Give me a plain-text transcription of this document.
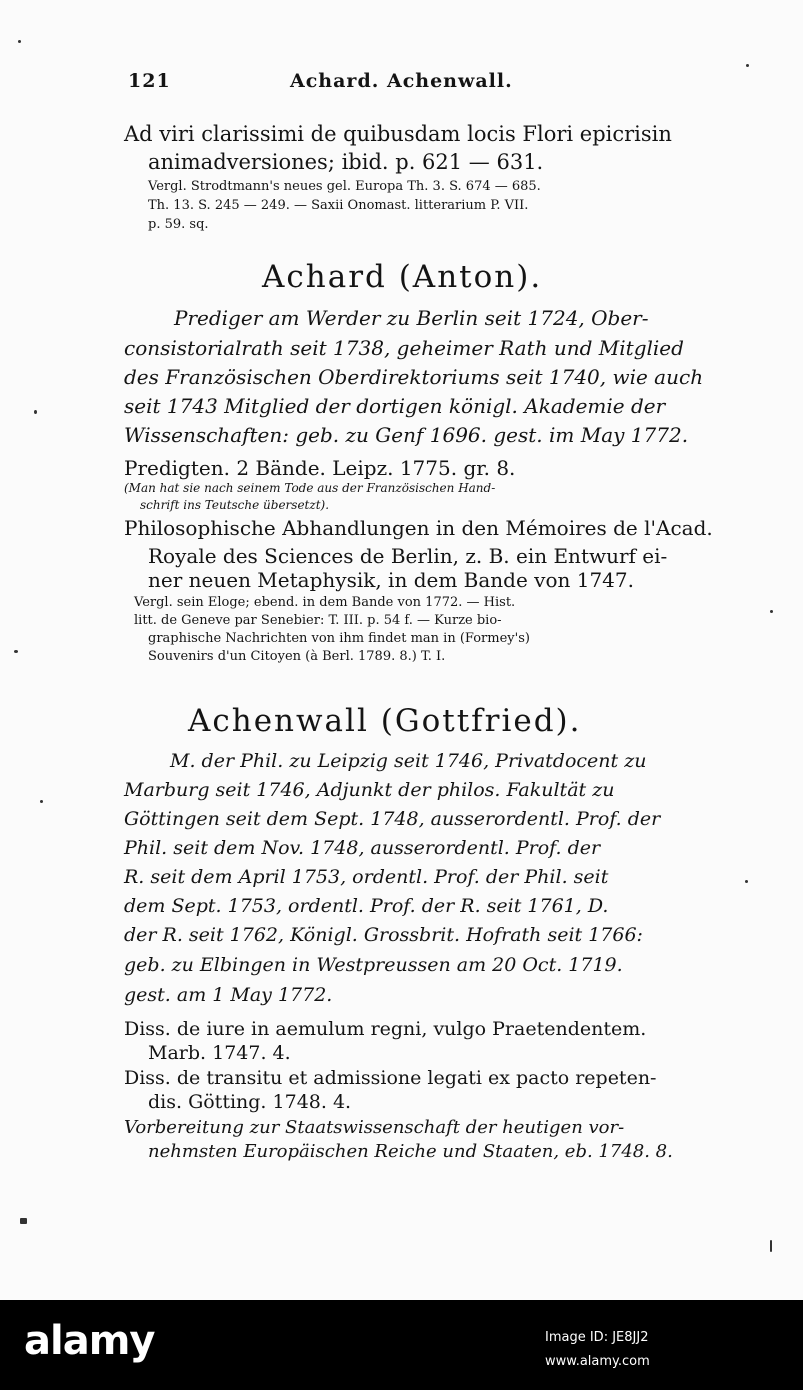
121	Achard. Achenwall.
Ad viri clarissimi de quibusdam locis Flori epicrisin
animadversiones; ibid. p. 621 — 631.
Vergl. Strodtmann's neues gel. Europa Th. 3. S. 674 — 685.
Th. 13. S. 245 — 249. — Saxii Onomast. litterarium P. VII.
p. 59. sq.
Achard (Anton).
Prediger am Werder zu Berlin seit 1724, Ober-
consistorialrath seit 1738, geheimer Rath und Mitglied
des Französischen Oberdirektoriums seit 1740, wie auch
seit 1743 Mitglied der dortigen königl. Akademie der
Wissenschaften: geb. zu Genf 1696. gest. im May 1772.
Predigten. 2 Bände. Leipz. 1775. gr. 8.
(Man hat sie nach seinem Tode aus der Französischen Hand-
schrift ins Teutsche übersetzt).
Philosophische Abhandlungen in den Mémoires de l'Acad.
Royale des Sciences de Berlin, z. B. ein Entwurf ei-
ner neuen Metaphysik, in dem Bande von 1747.
Vergl. sein Eloge; ebend. in dem Bande von 1772. — Hist.
litt. de Geneve par Senebier: T. III. p. 54 f. — Kurze bio-
graphische Nachrichten von ihm findet man in (Formey's)
Souvenirs d'un Citoyen (à Berl. 1789. 8.) T. I.
Achenwall (Gottfried).
M. der Phil. zu Leipzig seit 1746, Privatdocent zu
Marburg seit 1746, Adjunkt der philos. Fakultät zu
Göttingen seit dem Sept. 1748, ausserordentl. Prof. der
Phil. seit dem Nov. 1748, ausserordentl. Prof. der
R. seit dem April 1753, ordentl. Prof. der Phil. seit
dem Sept. 1753, ordentl. Prof. der R. seit 1761, D.
der R. seit 1762, Königl. Grossbrit. Hofrath seit 1766:
geb. zu Elbingen in Westpreussen am 20 Oct. 1719.
gest. am 1 May 1772.
Diss. de iure in aemulum regni, vulgo Praetendentem.
Marb. 1747. 4.
Diss. de transitu et admissione legati ex pacto repeten-
dis. Götting. 1748. 4.
Vorbereitung zur Staatswissenschaft der heutigen vor-
nehmsten Europäischen Reiche und Staaten, eb. 1748. 8.
alamy	Image ID: JE8JJ2
www.alamy.com
